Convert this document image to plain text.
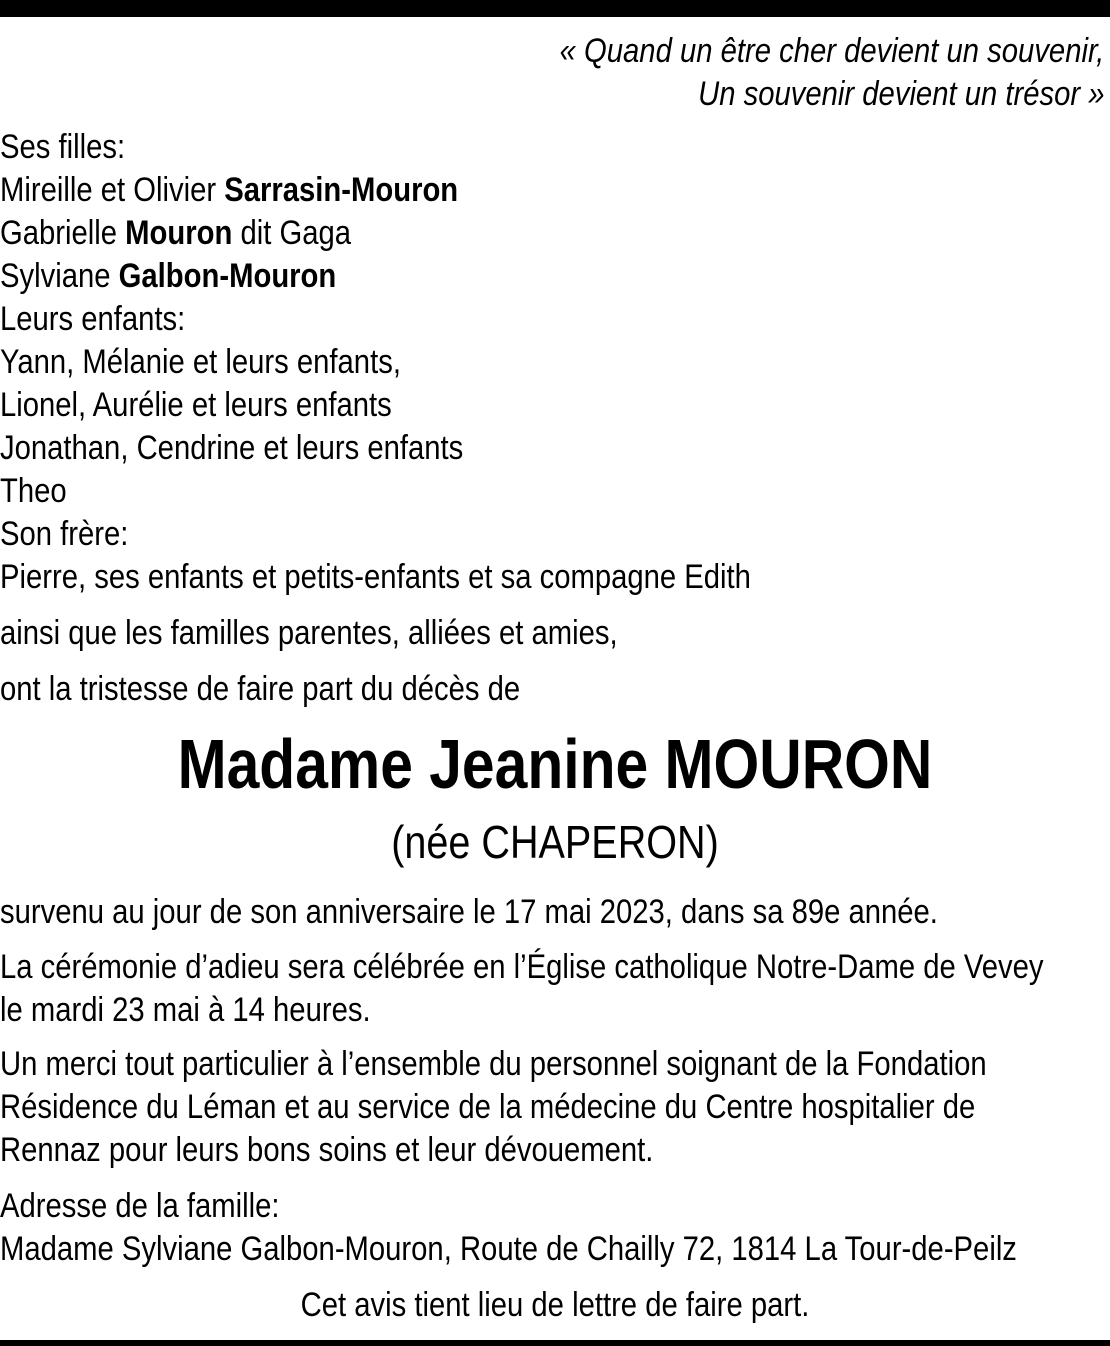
« Quand un être cher devient un souvenir,
Un souvenir devient un trésor »
Ses filles:
Mireille et Olivier Sarrasin-Mouron
Gabrielle Mouron dit Gaga
Sylviane Galbon-Mouron
Leurs enfants:
Yann, Mélanie et leurs enfants,
Lionel, Aurélie et leurs enfants
Jonathan, Cendrine et leurs enfants
Theo
Son frère:
Pierre, ses enfants et petits-enfants et sa compagne Edith
ainsi que les familles parentes, alliées et amies,
ont la tristesse de faire part du décès de
Madame Jeanine MOURON
(née CHAPERON)
survenu au jour de son anniversaire le 17 mai 2023, dans sa 89e année.
La cérémonie d’adieu sera célébrée en l’Église catholique Notre-Dame de Vevey
le mardi 23 mai à 14 heures.
Un merci tout particulier à l’ensemble du personnel soignant de la Fondation
Résidence du Léman et au service de la médecine du Centre hospitalier de
Rennaz pour leurs bons soins et leur dévouement.
Adresse de la famille:
Madame Sylviane Galbon-Mouron, Route de Chailly 72, 1814 La Tour-de-Peilz
Cet avis tient lieu de lettre de faire part.
